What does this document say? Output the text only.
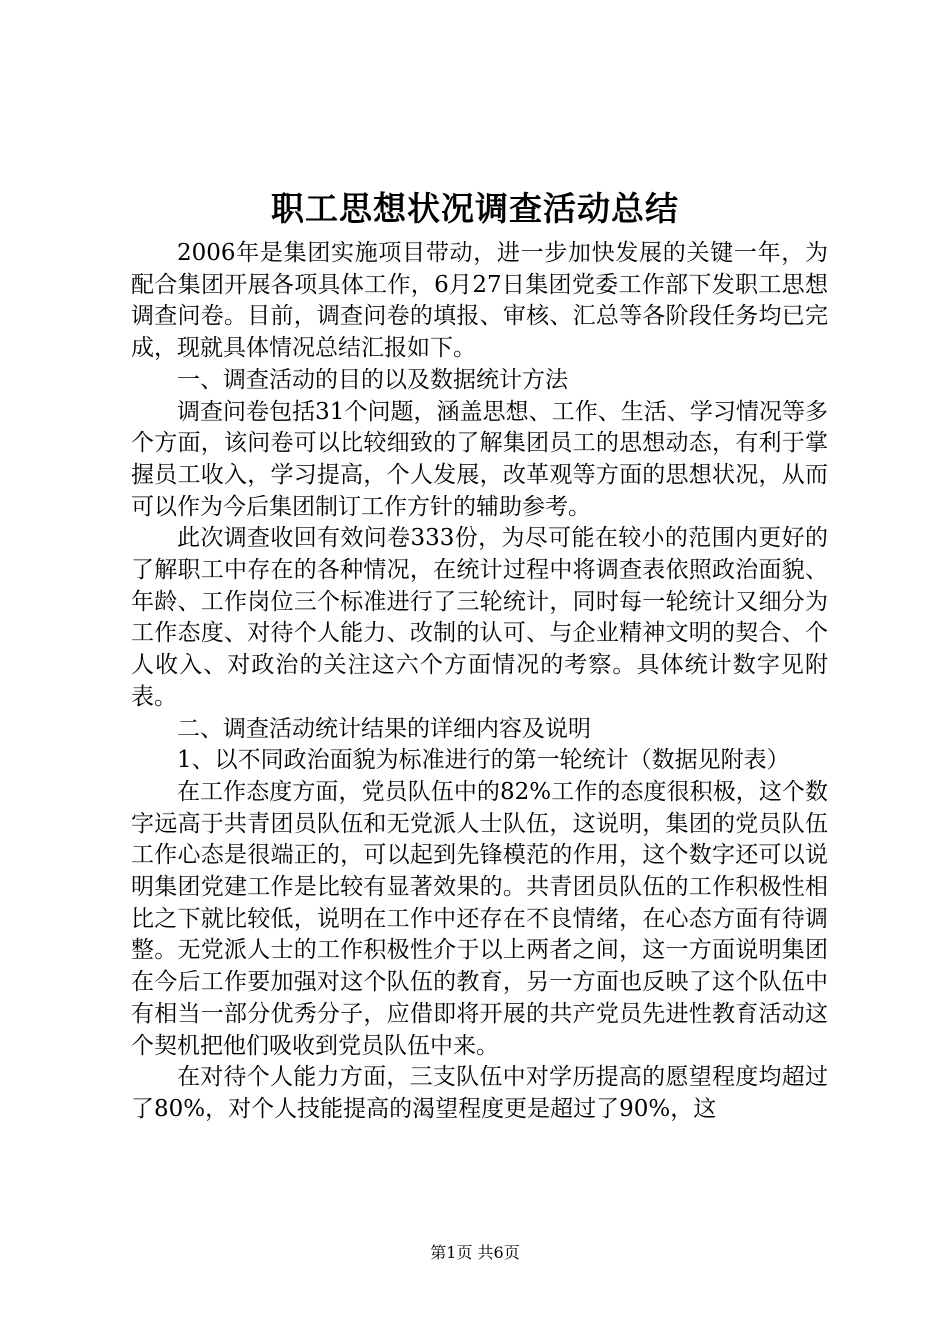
职工思想状况调查活动总结

2006年是集团实施项目带动，进一步加快发展的关键一年，为配合集团开展各项具体工作，6月27日集团党委工作部下发职工思想调查问卷。目前，调查问卷的填报、审核、汇总等各阶段任务均已完成，现就具体情况总结汇报如下。

一、调查活动的目的以及数据统计方法

调查问卷包括31个问题，涵盖思想、工作、生活、学习情况等多个方面，该问卷可以比较细致的了解集团员工的思想动态，有利于掌握员工收入，学习提高，个人发展，改革观等方面的思想状况，从而可以作为今后集团制订工作方针的辅助参考。

此次调查收回有效问卷333份，为尽可能在较小的范围内更好的了解职工中存在的各种情况，在统计过程中将调查表依照政治面貌、年龄、工作岗位三个标准进行了三轮统计，同时每一轮统计又细分为工作态度、对待个人能力、改制的认可、与企业精神文明的契合、个人收入、对政治的关注这六个方面情况的考察。具体统计数字见附表。

二、调查活动统计结果的详细内容及说明

1、以不同政治面貌为标准进行的第一轮统计（数据见附表）

在工作态度方面，党员队伍中的82%工作的态度很积极，这个数字远高于共青团员队伍和无党派人士队伍，这说明，集团的党员队伍工作心态是很端正的，可以起到先锋模范的作用，这个数字还可以说明集团党建工作是比较有显著效果的。共青团员队伍的工作积极性相比之下就比较低，说明在工作中还存在不良情绪，在心态方面有待调整。无党派人士的工作积极性介于以上两者之间，这一方面说明集团在今后工作要加强对这个队伍的教育，另一方面也反映了这个队伍中有相当一部分优秀分子，应借即将开展的共产党员先进性教育活动这个契机把他们吸收到党员队伍中来。

在对待个人能力方面，三支队伍中对学历提高的愿望程度均超过了80%，对个人技能提高的渴望程度更是超过了90%，这

第1页 共6页
